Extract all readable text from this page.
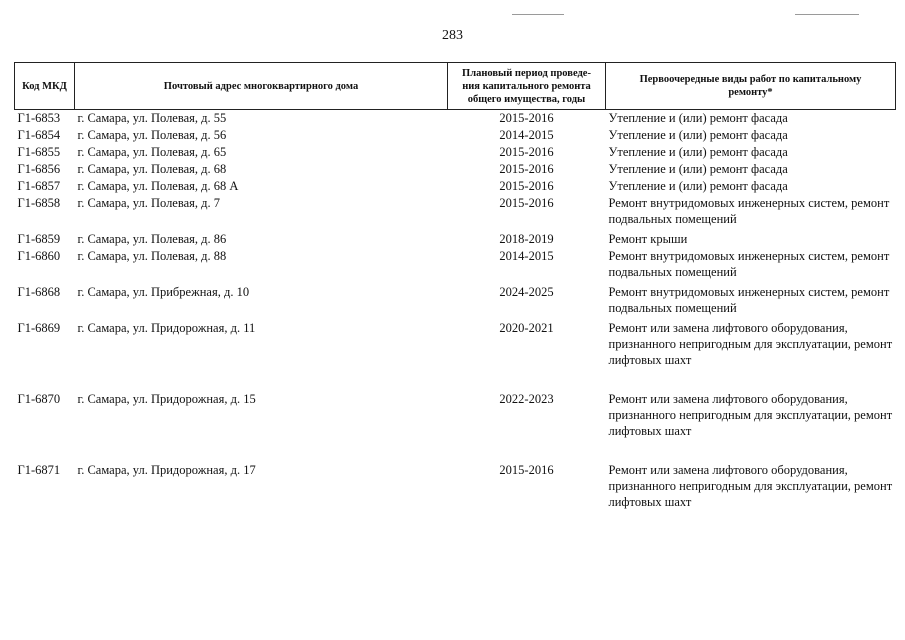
283
Код МКД	Почтовый адрес многоквартирного дома	Плановый период проведе-
ния капитального ремонта
общего имущества, годы	Первоочередные виды работ по капитальному
ремонту*
Г1-6853	г. Самара, ул. Полевая, д. 55	2015-2016	Утепление и (или) ремонт фасада
Г1-6854	г. Самара, ул. Полевая, д. 56	2014-2015	Утепление и (или) ремонт фасада
Г1-6855	г. Самара, ул. Полевая, д. 65	2015-2016	Утепление и (или) ремонт фасада
Г1-6856	г. Самара, ул. Полевая, д. 68	2015-2016	Утепление и (или) ремонт фасада
Г1-6857	г. Самара, ул. Полевая, д. 68 А	2015-2016	Утепление и (или) ремонт фасада
Г1-6858	г. Самара, ул. Полевая, д. 7	2015-2016	Ремонт внутридомовых инженерных систем, ремонт подвальных помещений
Г1-6859	г. Самара, ул. Полевая, д. 86	2018-2019	Ремонт крыши
Г1-6860	г. Самара, ул. Полевая, д. 88	2014-2015	Ремонт внутридомовых инженерных систем, ремонт подвальных помещений
Г1-6868	г. Самара, ул. Прибрежная, д. 10	2024-2025	Ремонт внутридомовых инженерных систем, ремонт подвальных помещений
Г1-6869	г. Самара, ул. Придорожная, д. 11	2020-2021	Ремонт или замена лифтового оборудования, признанного непригодным для эксплуатации, ремонт лифтовых шахт
Г1-6870	г. Самара, ул. Придорожная, д. 15	2022-2023	Ремонт или замена лифтового оборудования, признанного непригодным для эксплуатации, ремонт лифтовых шахт
Г1-6871	г. Самара, ул. Придорожная, д. 17	2015-2016	Ремонт или замена лифтового оборудования, признанного непригодным для эксплуатации, ремонт лифтовых шахт
